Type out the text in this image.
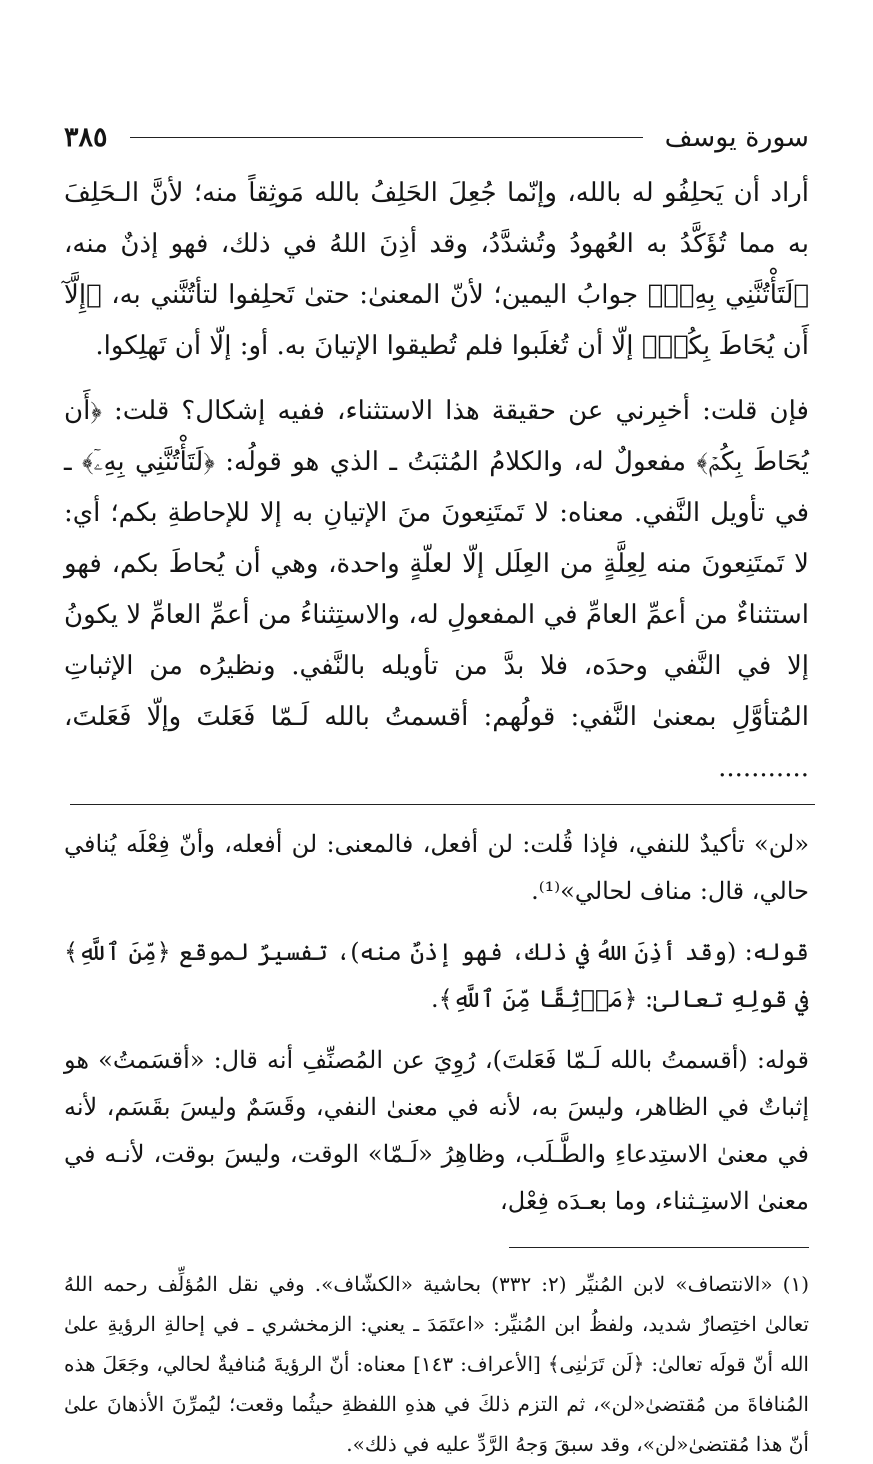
سورة يوسف
٣٨٥

أراد أن يَحلِفُو له بالله، وإنّما جُعِلَ الحَلِفُ بالله مَوثِقاً منه؛ لأنَّ الـحَلِفَ به مما تُؤَكَّدُ به العُهودُ وتُشدَّدُ، وقد أذِنَ اللهُ في ذلك، فهو إذنٌ منه، ﴿لَتَأْتُنَّنِي بِهِۦٓ﴾ جوابُ اليمين؛ لأنّ المعنىٰ: حتىٰ تَحلِفوا لتأتُنَّني به، ﴿إِلَّآ أَن يُحَاطَ بِكُمۡ﴾ إلّا أن تُغلَبوا فلم تُطيقوا الإتيانَ به. أو: إلّا أن تَهلِكوا.

فإن قلت: أخبِرني عن حقيقة هذا الاستثناء، ففيه إشكال؟ قلت: ﴿أَن يُحَاطَ بِكُمۡ﴾ مفعولٌ له، والكلامُ المُثبَتُ ـ الذي هو قولُه: ﴿لَتَأْتُنَّنِي بِهِۦٓ﴾ ـ في تأويل النَّفي. معناه: لا تَمتَنِعونَ منَ الإتيانِ به إلا للإحاطةِ بكم؛ أي: لا تَمتَنِعونَ منه لِعِلَّةٍ من العِلَل إلّا لعلّةٍ واحدة، وهي أن يُحاطَ بكم، فهو استثناءٌ من أعمِّ العامِّ في المفعولِ له، والاستِثناءُ من أعمِّ العامِّ لا يكونُ إلا في النَّفي وحدَه، فلا بدَّ من تأويله بالنَّفي. ونظيرُه من الإثباتِ المُتأوَّلِ بمعنىٰ النَّفي: قولُهم: أقسمتُ بالله لَـمّا فَعَلتَ وإلّا فَعَلتَ، ...........

«لن» تأكيدٌ للنفي، فإذا قُلت: لن أفعل، فالمعنى: لن أفعله، وأنّ فِعْلَه يُنافي حالي، قال: مناف لحالي»⁽¹⁾.

قوله: (وقد أذِنَ اللهُ في ذلك، فهو إذنٌ منه)، تفسيرٌ لموقع ﴿مِّنَ ٱللَّهِ﴾ في قولِهِ تعالىٰ: ﴿مَوۡثِقًا مِّنَ ٱللَّهِ﴾.

قوله: (أقسمتُ بالله لَـمّا فَعَلتَ)، رُوِيَ عن المُصنِّفِ أنه قال: «أقسَمتُ» هو إثباتٌ في الظاهر، وليسَ به، لأنه في معنىٰ النفي، وقَسَمٌ وليسَ بقَسَم، لأنه في معنىٰ الاستِدعاءِ والطَّـلَب، وظاهِرُ «لَـمّا» الوقت، وليسَ بوقت، لأنـه في معنىٰ الاستِـثناء، وما بعـدَه فِعْل،

(١) «الانتصاف» لابن المُنيِّر (٢: ٣٣٢) بحاشية «الكشّاف». وفي نقل المُؤلِّف رحمه اللهُ تعالىٰ اختِصارٌ شديد، ولفظُ ابن المُنيِّر: «اعتَمَدَ ـ يعني: الزمخشري ـ في إحالةِ الرؤيةِ علىٰ الله أنّ قولَه تعالىٰ: ﴿لَن تَرَىٰنِى﴾ [الأعراف: ١٤٣] معناه: أنّ الرؤيةَ مُنافيةٌ لحالي، وجَعَلَ هذه المُنافاةَ من مُقتضىٰ«لن»، ثم التزم ذلكَ في هذهِ اللفظةِ حيثُما وقعت؛ ليُمرِّنَ الأذهانَ علىٰ أنّ هذا مُقتضىٰ«لن»، وقد سبقَ وَجهُ الرَّدِّ عليه في ذلك».
